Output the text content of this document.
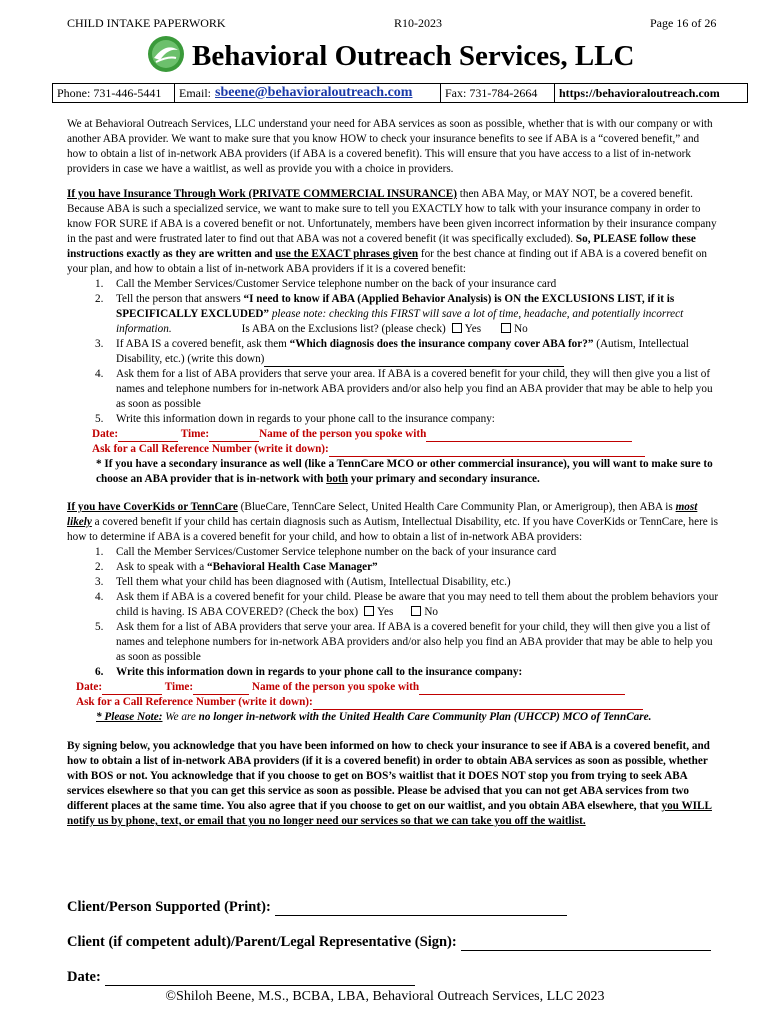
CHILD INTAKE PAPERWORK	R10-2023	Page 16 of 26
Behavioral Outreach Services, LLC
Phone: 731-446-5441	Email: sbeene@behavioraloutreach.com	Fax: 731-784-2664	https://behavioraloutreach.com

We at Behavioral Outreach Services, LLC understand your need for ABA services as soon as possible, whether that is with our company or with another ABA provider. We want to make sure that you know HOW to check your insurance benefits to see if ABA is a “covered benefit,” and how to obtain a list of in-network ABA providers (if ABA is a covered benefit). This will ensure that you have access to a list of in-network providers in case we have a waitlist, as well as provide you with a choice in providers.

If you have Insurance Through Work (PRIVATE COMMERCIAL INSURANCE) then ABA May, or MAY NOT, be a covered benefit. Because ABA is such a specialized service, we want to make sure to tell you EXACTLY how to talk with your insurance company in order to know FOR SURE if ABA is a covered benefit or not. Unfortunately, members have been given incorrect information by their insurance company in the past and were frustrated later to find out that ABA was not a covered benefit (it was specifically excluded). So, PLEASE follow these instructions exactly as they are written and use the EXACT phrases given for the best chance at finding out if ABA is a covered benefit on your plan, and how to obtain a list of in-network ABA providers if it is a covered benefit:

1. Call the Member Services/Customer Service telephone number on the back of your insurance card
2. Tell the person that answers “I need to know if ABA (Applied Behavior Analysis) is ON the EXCLUSIONS LIST, if it is SPECIFICALLY EXCLUDED” please note: checking this FIRST will save a lot of time, headache, and potentially incorrect information.	Is ABA on the Exclusions list? (please check) Yes	No
3. If ABA IS a covered benefit, ask them “Which diagnosis does the insurance company cover ABA for?” (Autism, Intellectual Disability, etc.) (write this down)
4. Ask them for a list of ABA providers that serve your area. If ABA is a covered benefit for your child, they will then give you a list of names and telephone numbers for in-network ABA providers and/or also help you find an ABA provider that may be able to help you as soon as possible
5. Write this information down in regards to your phone call to the insurance company:
Date:	Time:	Name of the person you spoke with
Ask for a Call Reference Number (write it down):

* If you have a secondary insurance as well (like a TennCare MCO or other commercial insurance), you will want to make sure to choose an ABA provider that is in-network with both your primary and secondary insurance.

If you have CoverKids or TennCare (BlueCare, TennCare Select, United Health Care Community Plan, or Amerigroup), then ABA is most likely a covered benefit if your child has certain diagnosis such as Autism, Intellectual Disability, etc. If you have CoverKids or TennCare, here is how to determine if ABA is a covered benefit for your child, and how to obtain a list of in-network ABA providers:

1. Call the Member Services/Customer Service telephone number on the back of your insurance card
2. Ask to speak with a “Behavioral Health Case Manager”
3. Tell them what your child has been diagnosed with (Autism, Intellectual Disability, etc.)
4. Ask them if ABA is a covered benefit for your child. Please be aware that you may need to tell them about the problem behaviors your child is having. IS ABA COVERED? (Check the box) Yes	No
5. Ask them for a list of ABA providers that serve your area. If ABA is a covered benefit for your child, they will then give you a list of names and telephone numbers for in-network ABA providers and/or also help you find an ABA provider that may be able to help you as soon as possible
6. Write this information down in regards to your phone call to the insurance company:
Date:	Time:	Name of the person you spoke with
Ask for a Call Reference Number (write it down):

* Please Note: We are no longer in-network with the United Health Care Community Plan (UHCCP) MCO of TennCare.

By signing below, you acknowledge that you have been informed on how to check your insurance to see if ABA is a covered benefit, and how to obtain a list of in-network ABA providers (if it is a covered benefit) in order to obtain ABA services as soon as possible, whether with BOS or not. You acknowledge that if you choose to get on BOS’s waitlist that it DOES NOT stop you from trying to seek ABA services elsewhere so that you can get this service as soon as possible. Please be advised that you can not get ABA services from two different places at the same time. You also agree that if you choose to get on our waitlist, and you obtain ABA elsewhere, that you WILL notify us by phone, text, or email that you no longer need our services so that we can take you off the waitlist.

Client/Person Supported (Print):
Client (if competent adult)/Parent/Legal Representative (Sign):
Date:
©Shiloh Beene, M.S., BCBA, LBA, Behavioral Outreach Services, LLC 2023
